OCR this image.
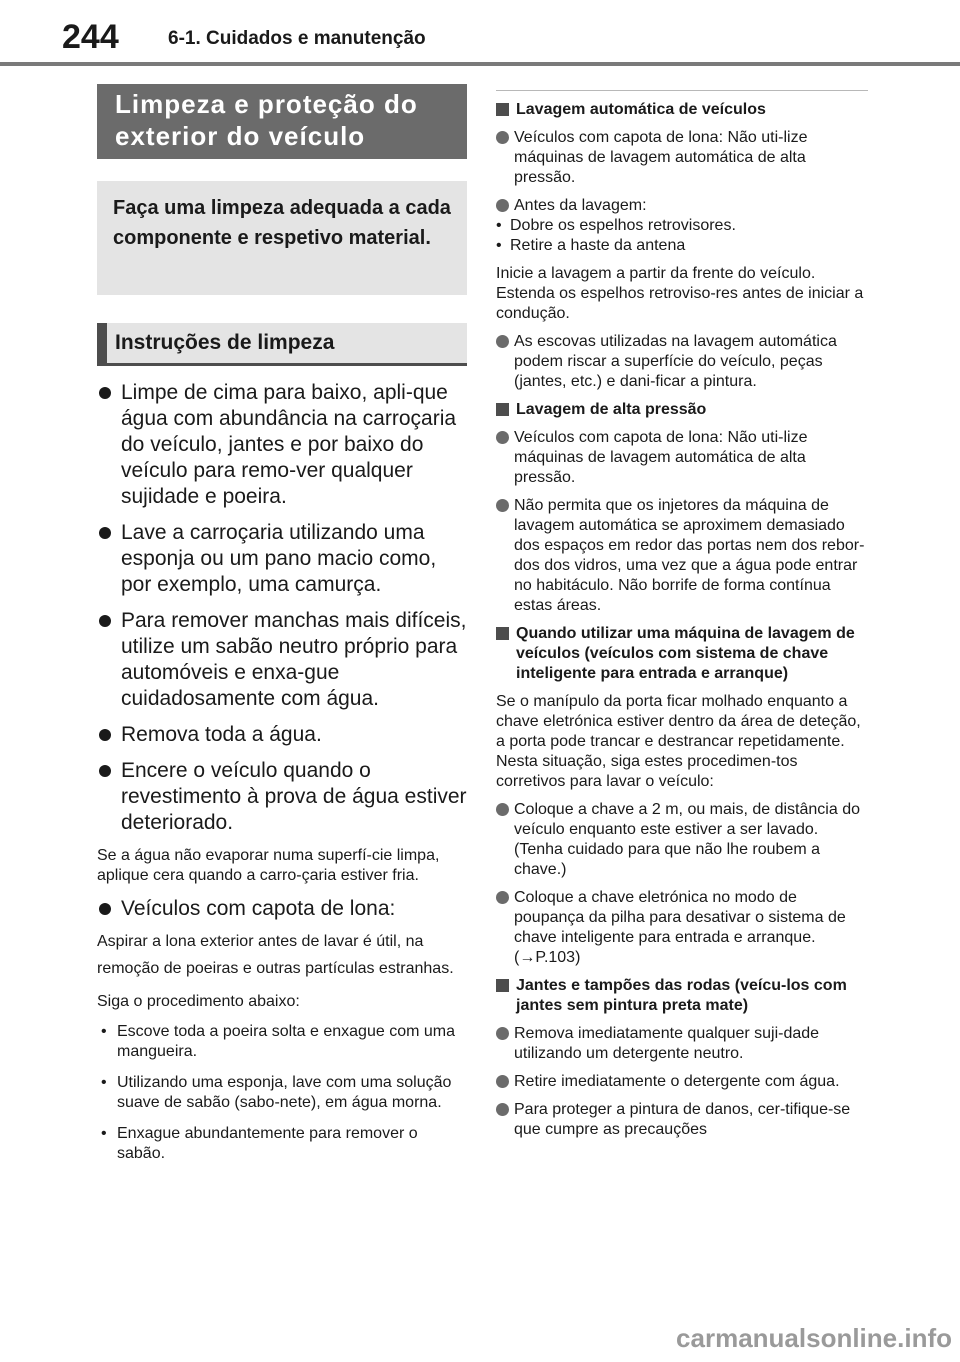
244	6-1. Cuidados e manutenção
Limpeza e proteção do exterior do veículo
Faça uma limpeza adequada a cada componente e respetivo material.
Instruções de limpeza
Limpe de cima para baixo, apli-que água com abundância na carroçaria do veículo, jantes e por baixo do veículo para remo-ver qualquer sujidade e poeira.
Lave a carroçaria utilizando uma esponja ou um pano macio como, por exemplo, uma camurça.
Para remover manchas mais difíceis, utilize um sabão neutro próprio para automóveis e enxa-gue cuidadosamente com água.
Remova toda a água.
Encere o veículo quando o revestimento à prova de água estiver deteriorado.

Se a água não evaporar numa superfí-cie limpa, aplique cera quando a carro-çaria estiver fria.

Veículos com capota de lona:

Aspirar a lona exterior antes de lavar é útil, na remoção de poeiras e outras partículas estranhas.

Siga o procedimento abaixo:

• Escove toda a poeira solta e enxague com uma mangueira.
• Utilizando uma esponja, lave com uma solução suave de sabão (sabo-nete), em água morna.
• Enxague abundantemente para remover o sabão.
Lavagem automática de veículos
Veículos com capota de lona: Não uti-lize máquinas de lavagem automática de alta pressão.
Antes da lavagem:
• Dobre os espelhos retrovisores.
• Retire a haste da antena

Inicie a lavagem a partir da frente do veículo. Estenda os espelhos retroviso-res antes de iniciar a condução.

As escovas utilizadas na lavagem automática podem riscar a superfície do veículo, peças (jantes, etc.) e dani-ficar a pintura.
Lavagem de alta pressão
Veículos com capota de lona: Não uti-lize máquinas de lavagem automática de alta pressão.
Não permita que os injetores da máquina de lavagem automática se aproximem demasiado dos espaços em redor das portas nem dos rebor-dos dos vidros, uma vez que a água pode entrar no habitáculo. Não borrife de forma contínua estas áreas.
Quando utilizar uma máquina de lavagem de veículos (veículos com sistema de chave inteligente para entrada e arranque)

Se o manípulo da porta ficar molhado enquanto a chave eletrónica estiver dentro da área de deteção, a porta pode trancar e destrancar repetidamente. Nesta situação, siga estes procedimen-tos corretivos para lavar o veículo:

Coloque a chave a 2 m, ou mais, de distância do veículo enquanto este estiver a ser lavado. (Tenha cuidado para que não lhe roubem a chave.)
Coloque a chave eletrónica no modo de poupança da pilha para desativar o sistema de chave inteligente para entrada e arranque. (→P.103)
Jantes e tampões das rodas (veícu-los com jantes sem pintura preta mate)
Remova imediatamente qualquer suji-dade utilizando um detergente neutro.
Retire imediatamente o detergente com água.
Para proteger a pintura de danos, cer-tifique-se que cumpre as precauções
carmanualsonline.info
